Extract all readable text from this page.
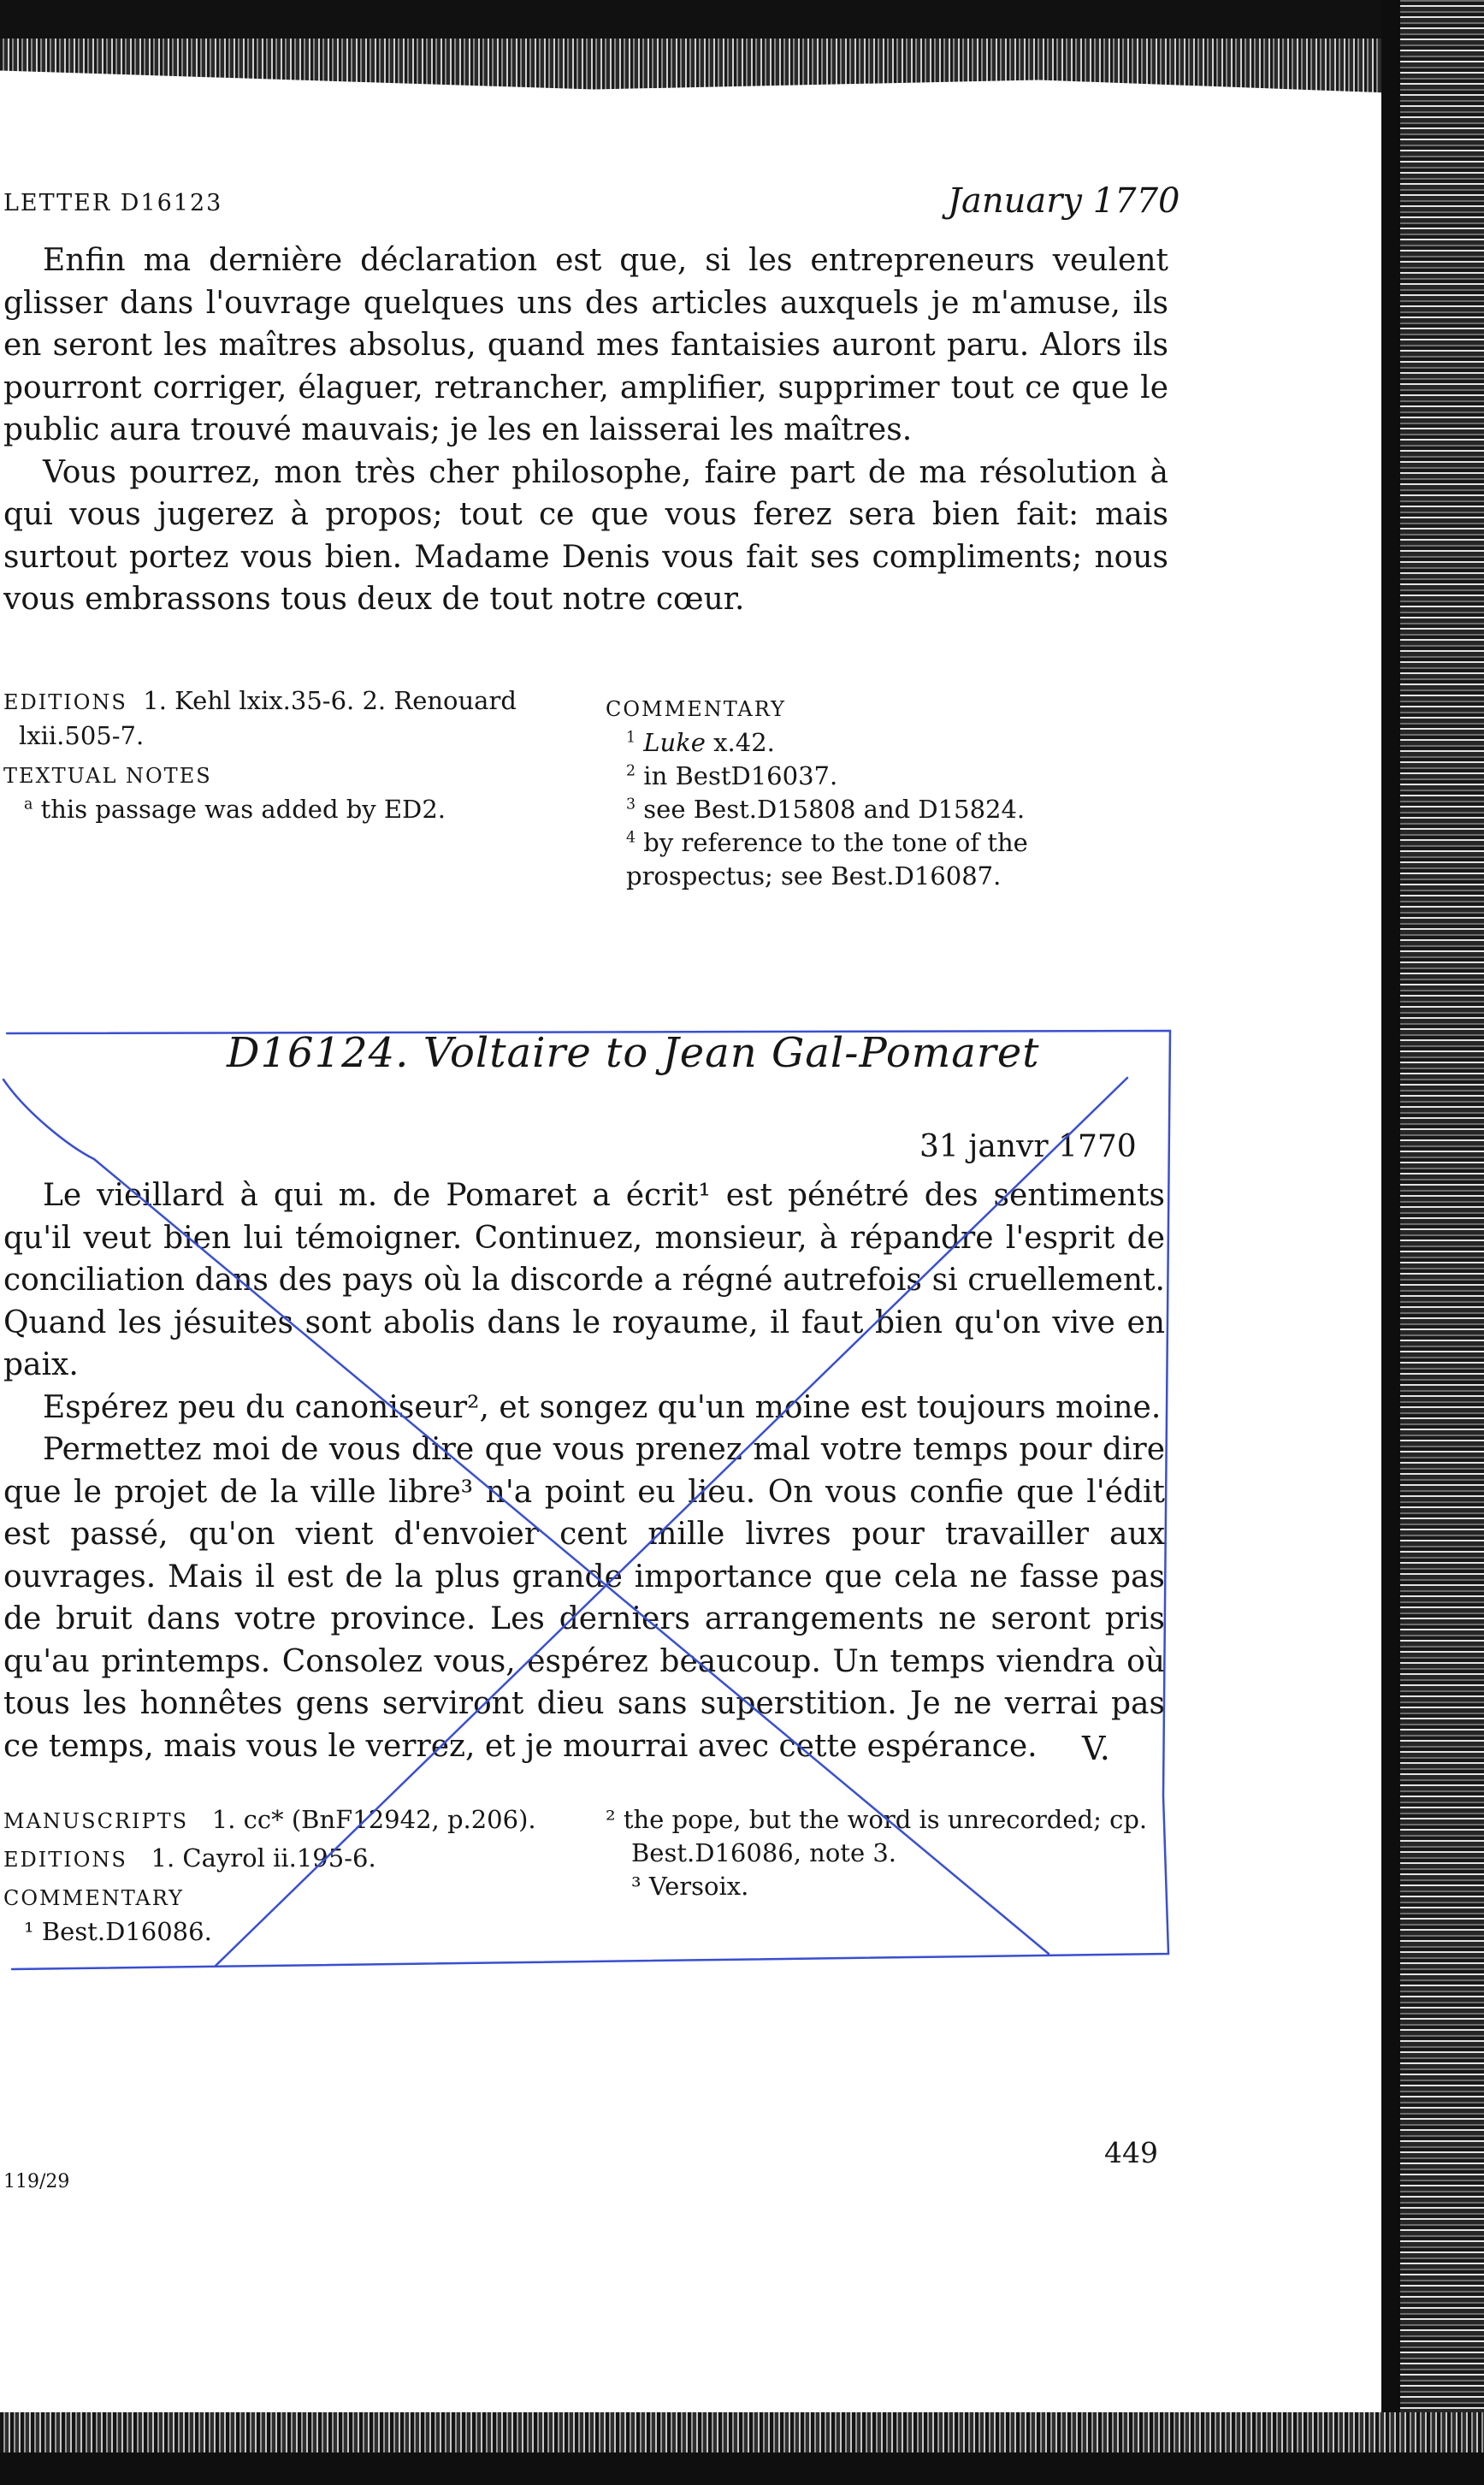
LETTER D16123	January 1770

Enfin ma dernière déclaration est que, si les entrepreneurs veulent glisser dans l'ouvrage quelques uns des articles auxquels je m'amuse, ils en seront les maîtres absolus, quand mes fantaisies auront paru. Alors ils pourront corriger, élaguer, retrancher, amplifier, supprimer tout ce que le public aura trouvé mauvais; je les en laisserai les maîtres.

Vous pourrez, mon très cher philosophe, faire part de ma résolution à qui vous jugerez à propos; tout ce que vous ferez sera bien fait: mais surtout portez vous bien. Madame Denis vous fait ses compliments; nous vous embrassons tous deux de tout notre cœur.

EDITIONS 1. Kehl lxix.35-6. 2. Renouard lxii.505-7.

TEXTUAL NOTES

$^a$ this passage was added by ED2.

COMMENTARY

$^1$ Luke x.42.

$^2$ in BestD16037.

$^3$ see Best.D15808 and D15824.

$^4$ by reference to the tone of the prospectus; see Best.D16087.

D16124. Voltaire to Jean Gal-Pomaret
31 janvr 1770

Le vieillard à qui m. de Pomaret a écrit¹ est pénétré des sentiments qu'il veut bien lui témoigner. Continuez, monsieur, à répandre l'esprit de conciliation dans des pays où la discorde a régné autrefois si cruellement. Quand les jésuites sont abolis dans le royaume, il faut bien qu'on vive en paix.

Espérez peu du canoniseur², et songez qu'un moine est toujours moine.

Permettez moi de vous dire que vous prenez mal votre temps pour dire que le projet de la ville libre³ n'a point eu lieu. On vous confie que l'édit est passé, qu'on vient d'envoier cent mille livres pour travailler aux ouvrages. Mais il est de la plus grande importance que cela ne fasse pas de bruit dans votre province. Les derniers arrangements ne seront pris qu'au printemps. Consolez vous, espérez beaucoup. Un temps viendra où tous les honnêtes gens serviront dieu sans superstition. Je ne verrai pas ce temps, mais vous le verrez, et je mourrai avec cette espérance.	V.

MANUSCRIPTS 1. cc* (BnF12942, p.206).

EDITIONS 1. Cayrol ii.195-6.

COMMENTARY

¹ Best.D16086.

² the pope, but the word is unrecorded; cp. Best.D16086, note 3.

³ Versoix.

449
119/29
